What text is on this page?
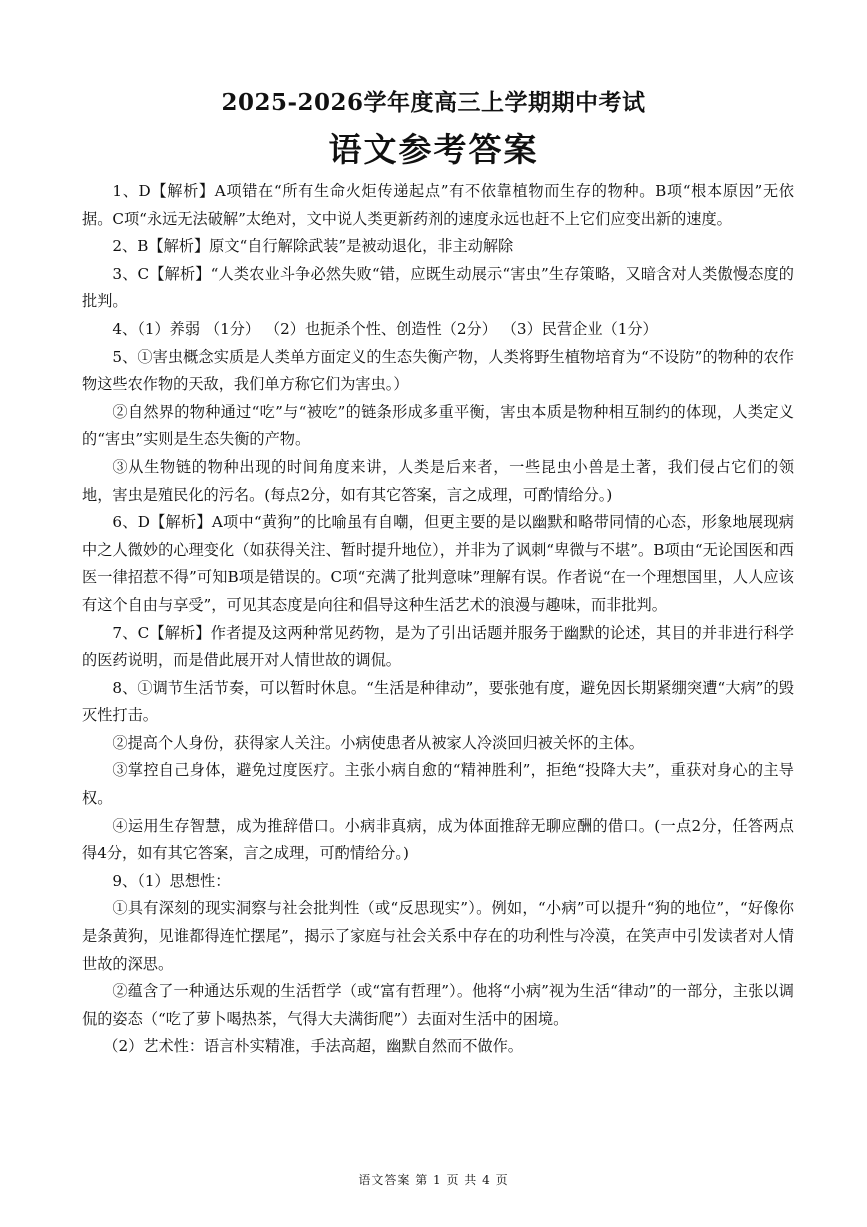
2025-2026学年度高三上学期期中考试
语文参考答案

1、D【解析】A项错在“所有生命火炬传递起点”有不依靠植物而生存的物种。B项“根本原因”无依据。C项“永远无法破解”太绝对，文中说人类更新药剂的速度永远也赶不上它们应变出新的速度。

2、B【解析】原文“自行解除武装”是被动退化，非主动解除

3、C【解析】“人类农业斗争必然失败“错，应既生动展示“害虫”生存策略，又暗含对人类傲慢态度的批判。

4、（1）养弱 （1分） （2）也扼杀个性、创造性（2分） （3）民营企业（1分）

5、①害虫概念实质是人类单方面定义的生态失衡产物，人类将野生植物培育为“不设防”的物种的农作物这些农作物的天敌，我们单方称它们为害虫。）

②自然界的物种通过“吃”与“被吃”的链条形成多重平衡，害虫本质是物种相互制约的体现，人类定义的“害虫”实则是生态失衡的产物。

③从生物链的物种出现的时间角度来讲，人类是后来者，一些昆虫小兽是土著，我们侵占它们的领地，害虫是殖民化的污名。(每点2分，如有其它答案，言之成理，可酌情给分。)

6、D【解析】A项中“黄狗”的比喻虽有自嘲，但更主要的是以幽默和略带同情的心态，形象地展现病中之人微妙的心理变化（如获得关注、暂时提升地位），并非为了讽刺“卑微与不堪”。B项由“无论国医和西医一律招惹不得”可知B项是错误的。C项“充满了批判意味”理解有误。作者说“在一个理想国里，人人应该有这个自由与享受”，可见其态度是向往和倡导这种生活艺术的浪漫与趣味，而非批判。

7、C【解析】作者提及这两种常见药物，是为了引出话题并服务于幽默的论述，其目的并非进行科学的医药说明，而是借此展开对人情世故的调侃。

8、①调节生活节奏，可以暂时休息。“生活是种律动”，要张弛有度，避免因长期紧绷突遭“大病”的毁灭性打击。

②提高个人身份，获得家人关注。小病使患者从被家人冷淡回归被关怀的主体。

③掌控自己身体，避免过度医疗。主张小病自愈的“精神胜利”，拒绝“投降大夫”，重获对身心的主导权。

④运用生存智慧，成为推辞借口。小病非真病，成为体面推辞无聊应酬的借口。(一点2分，任答两点得4分，如有其它答案，言之成理，可酌情给分。)

9、（1）思想性：

①具有深刻的现实洞察与社会批判性（或“反思现实”）。例如，“小病”可以提升“狗的地位”，“好像你是条黄狗，见谁都得连忙摆尾”，揭示了家庭与社会关系中存在的功利性与冷漠，在笑声中引发读者对人情世故的深思。

②蕴含了一种通达乐观的生活哲学（或“富有哲理”）。他将“小病”视为生活“律动”的一部分，主张以调侃的姿态（“吃了萝卜喝热茶，气得大夫满街爬”）去面对生活中的困境。

（2）艺术性：语言朴实精准，手法高超，幽默自然而不做作。

语文答案 第 1 页 共 4 页
